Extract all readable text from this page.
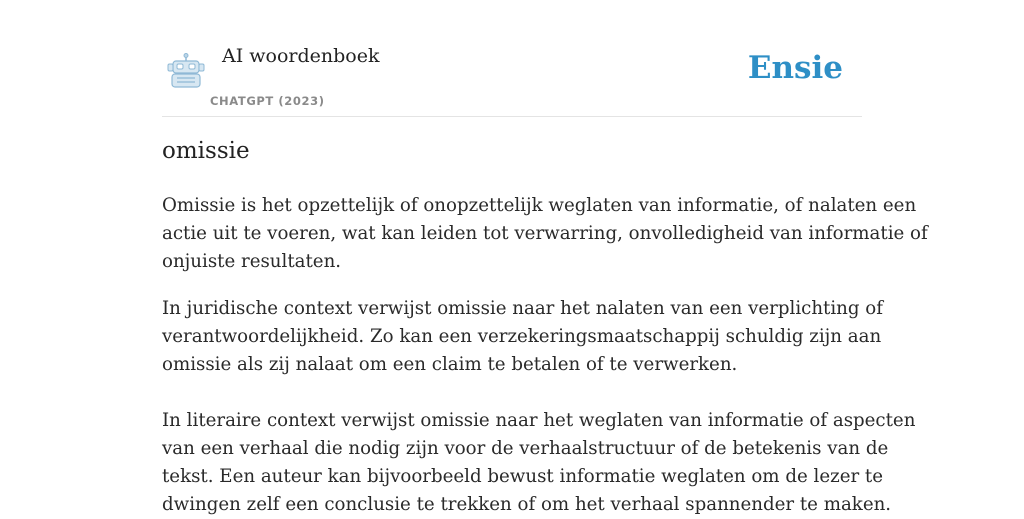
AI woordenboek
CHATGPT (2023)
Ensie
omissie

Omissie is het opzettelijk of onopzettelijk weglaten van informatie, of nalaten een
actie uit te voeren, wat kan leiden tot verwarring, onvolledigheid van informatie of
onjuiste resultaten.

In juridische context verwijst omissie naar het nalaten van een verplichting of
verantwoordelijkheid. Zo kan een verzekeringsmaatschappij schuldig zijn aan
omissie als zij nalaat om een claim te betalen of te verwerken.

In literaire context verwijst omissie naar het weglaten van informatie of aspecten
van een verhaal die nodig zijn voor de verhaalstructuur of de betekenis van de
tekst. Een auteur kan bijvoorbeeld bewust informatie weglaten om de lezer te
dwingen zelf een conclusie te trekken of om het verhaal spannender te maken.
